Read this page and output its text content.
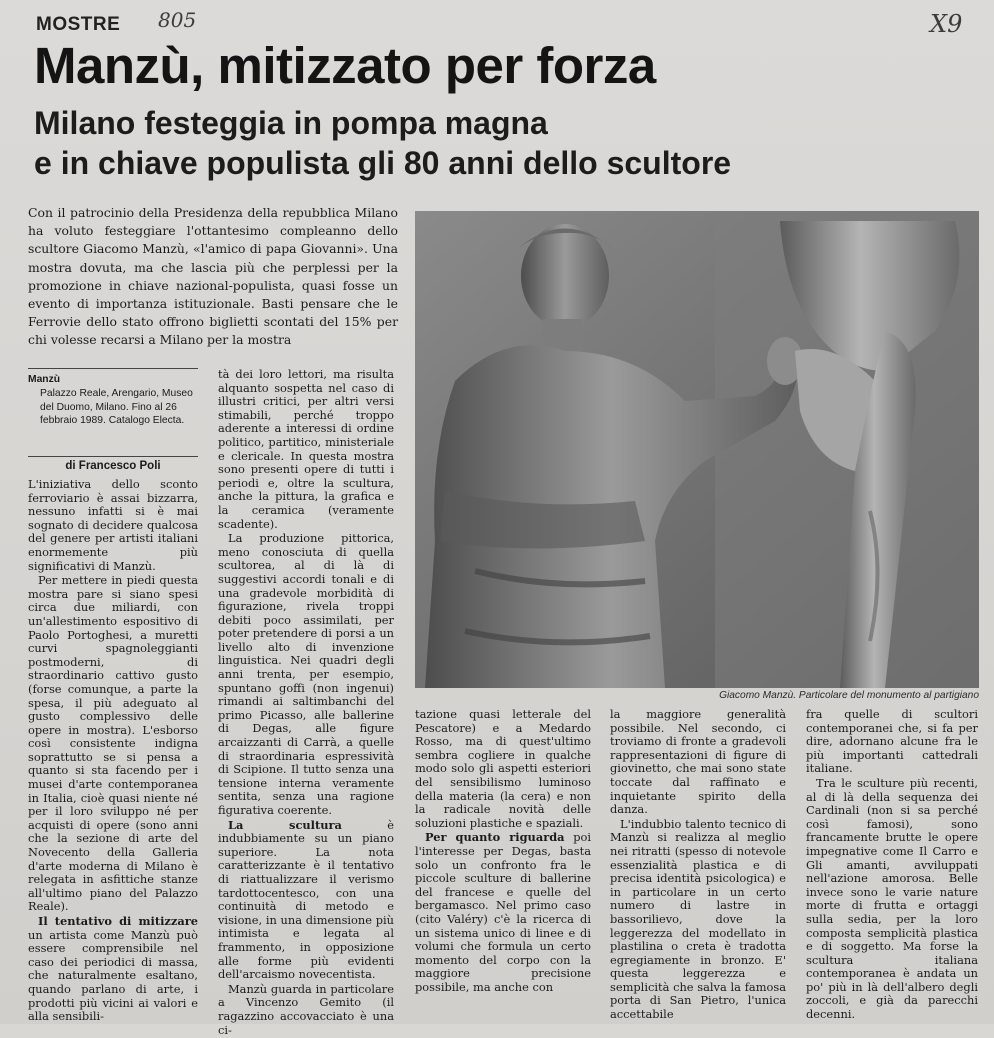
MOSTRE 805	X9
Manzù, mitizzato per forza
Milano festeggia in pompa magna
e in chiave populista gli 80 anni dello scultore
Con il patrocinio della Presidenza della repubblica Milano ha voluto festeggiare l'ottantesimo compleanno dello scultore Giacomo Manzù, «l'amico di papa Giovanni». Una mostra dovuta, ma che lascia più che perplessi per la promozione in chiave nazional-populista, quasi fosse un evento di importanza istituzionale. Basti pensare che le Ferrovie dello stato offrono biglietti scontati del 15% per chi volesse recarsi a Milano per la mostra
Giacomo Manzù. Particolare del monumento al partigiano
Manzù
Palazzo Reale, Arengario, Museo del Duomo, Milano. Fino al 26 febbraio 1989. Catalogo Electa.
di Francesco Poli

L'iniziativa dello sconto ferroviario è assai bizzarra, nessuno infatti si è mai sognato di decidere qualcosa del genere per artisti italiani enormemente più significativi di Manzù.

Per mettere in piedi questa mostra pare si siano spesi circa due miliardi, con un'allestimento espositivo di Paolo Portoghesi, a muretti curvi spagnoleggianti postmoderni, di straordinario cattivo gusto (forse comunque, a parte la spesa, il più adeguato al gusto complessivo delle opere in mostra). L'esborso così consistente indigna soprattutto se si pensa a quanto si sta facendo per i musei d'arte contemporanea in Italia, cioè quasi niente né per il loro sviluppo né per acquisti di opere (sono anni che la sezione di arte del Novecento della Galleria d'arte moderna di Milano è relegata in asfittiche stanze all'ultimo piano del Palazzo Reale).

Il tentativo di mitizzare un artista come Manzù può essere comprensibile nel caso dei periodici di massa, che naturalmente esaltano, quando parlano di arte, i prodotti più vicini ai valori e alla sensibili-

tà dei loro lettori, ma risulta alquanto sospetta nel caso di illustri critici, per altri versi stimabili, perché troppo aderente a interessi di ordine politico, partitico, ministeriale e clericale. In questa mostra sono presenti opere di tutti i periodi e, oltre la scultura, anche la pittura, la grafica e la ceramica (veramente scadente).

La produzione pittorica, meno conosciuta di quella scultorea, al di là di suggestivi accordi tonali e di una gradevole morbidità di figurazione, rivela troppi debiti poco assimilati, per poter pretendere di porsi a un livello alto di invenzione linguistica. Nei quadri degli anni trenta, per esempio, spuntano goffi (non ingenui) rimandi ai saltimbanchi del primo Picasso, alle ballerine di Degas, alle figure arcaizzanti di Carrà, a quelle di straordinaria espressività di Scipione. Il tutto senza una tensione interna veramente sentita, senza una ragione figurativa coerente.

La scultura	è indubbiamente su un piano superiore. La nota caratterizzante è il tentativo di riattualizzare il verismo tardottocentesco, con una continuità di metodo e visione, in una dimensione più intimista e legata al frammento, in opposizione alle forme più evidenti dell'arcaismo novecentista.

Manzù guarda in particolare a Vincenzo Gemito (il ragazzino accovacciato è una ci-

tazione quasi letterale del Pescatore) e a Medardo Rosso, ma di quest'ultimo sembra cogliere in qualche modo solo gli aspetti esteriori del sensibilismo luminoso della materia (la cera) e non la radicale novità delle soluzioni plastiche e spaziali.

Per quanto riguarda poi l'interesse per Degas, basta solo un confronto fra le piccole sculture di ballerine del francese e quelle del bergamasco. Nel primo caso (cito Valéry) c'è la ricerca di un sistema unico di linee e di volumi che formula un certo momento del corpo con la maggiore precisione possibile, ma anche con

la maggiore generalità possibile. Nel secondo, ci troviamo di fronte a gradevoli rappresentazioni di figure di giovinetto, che mai sono state toccate dal raffinato e inquietante spirito della danza.

L'indubbio talento tecnico di Manzù si realizza al meglio nei ritratti (spesso di notevole essenzialità plastica e di precisa identità psicologica) e in particolare in un certo numero di lastre in bassorilievo, dove la leggerezza del modellato in plastilina o creta è tradotta egregiamente in bronzo. E' questa leggerezza e semplicità che salva la famosa porta di San Pietro, l'unica accettabile

fra quelle di scultori contemporanei che, si fa per dire, adornano alcune fra le più importanti cattedrali italiane.

Tra le sculture più recenti, al di là della sequenza dei Cardinali (non si sa perché così famosi), sono francamente brutte le opere impegnative come Il Carro e Gli amanti, avviluppati nell'azione amorosa. Belle invece sono le varie nature morte di frutta e ortaggi sulla sedia, per la loro composta semplicità plastica e di soggetto. Ma forse la scultura italiana contemporanea è andata un po' più in là dell'albero degli zoccoli, e già da parecchi decenni.
